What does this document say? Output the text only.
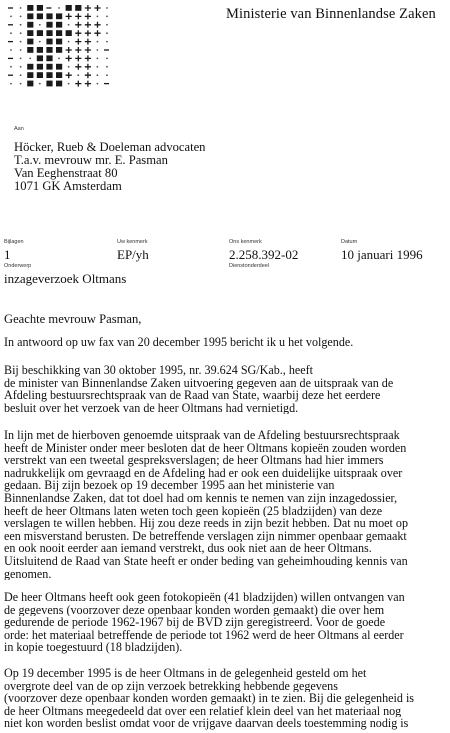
Ministerie van Binnenlandse Zaken
Aan
Höcker, Rueb & Doeleman advocaten
T.a.v. mevrouw mr. E. Pasman
Van Eeghenstraat 80
1071 GK Amsterdam
Bijlagen
1
Uw kenmerk
EP/yh
Ons kenmerk
2.258.392-02
Datum
10 januari 1996
Onderwerp	Dienstonderdeel
inzageverzoek Oltmans
Geachte mevrouw Pasman,
In antwoord op uw fax van 20 december 1995 bericht ik u het volgende.
Bij beschikking van 30 oktober 1995, nr. 39.624 SG/Kab., heeft
de minister van Binnenlandse Zaken uitvoering gegeven aan de uitspraak van de
Afdeling bestuursrechtspraak van de Raad van State, waarbij deze het eerdere
besluit over het verzoek van de heer Oltmans had vernietigd.
In lijn met de hierboven genoemde uitspraak van de Afdeling bestuursrechtspraak
heeft de Minister onder meer besloten dat de heer Oltmans kopieën zouden worden
verstrekt van een tweetal gespreksverslagen; de heer Oltmans had hier immers
nadrukkelijk om gevraagd en de Afdeling had er ook een duidelijke uitspraak over
gedaan. Bij zijn bezoek op 19 december 1995 aan het ministerie van
Binnenlandse Zaken, dat tot doel had om kennis te nemen van zijn inzagedossier,
heeft de heer Oltmans laten weten toch geen kopieën (25 bladzijden) van deze
verslagen te willen hebben. Hij zou deze reeds in zijn bezit hebben. Dat nu moet op
een misverstand berusten. De betreffende verslagen zijn nimmer openbaar gemaakt
en ook nooit eerder aan iemand verstrekt, dus ook niet aan de heer Oltmans.
Uitsluitend de Raad van State heeft er onder beding van geheimhouding kennis van
genomen.
De heer Oltmans heeft ook geen fotokopieën (41 bladzijden) willen ontvangen van
de gegevens (voorzover deze openbaar konden worden gemaakt) die over hem
gedurende de periode 1962-1967 bij de BVD zijn geregistreerd. Voor de goede
orde: het materiaal betreffende de periode tot 1962 werd de heer Oltmans al eerder
in kopie toegestuurd (18 bladzijden).
Op 19 december 1995 is de heer Oltmans in de gelegenheid gesteld om het
overgrote deel van de op zijn verzoek betrekking hebbende gegevens
(voorzover deze openbaar konden worden gemaakt) in te zien. Bij die gelegenheid is
de heer Oltmans meegedeeld dat over een relatief klein deel van het materiaal nog
niet kon worden beslist omdat voor de vrijgave daarvan deels toestemming nodig is
